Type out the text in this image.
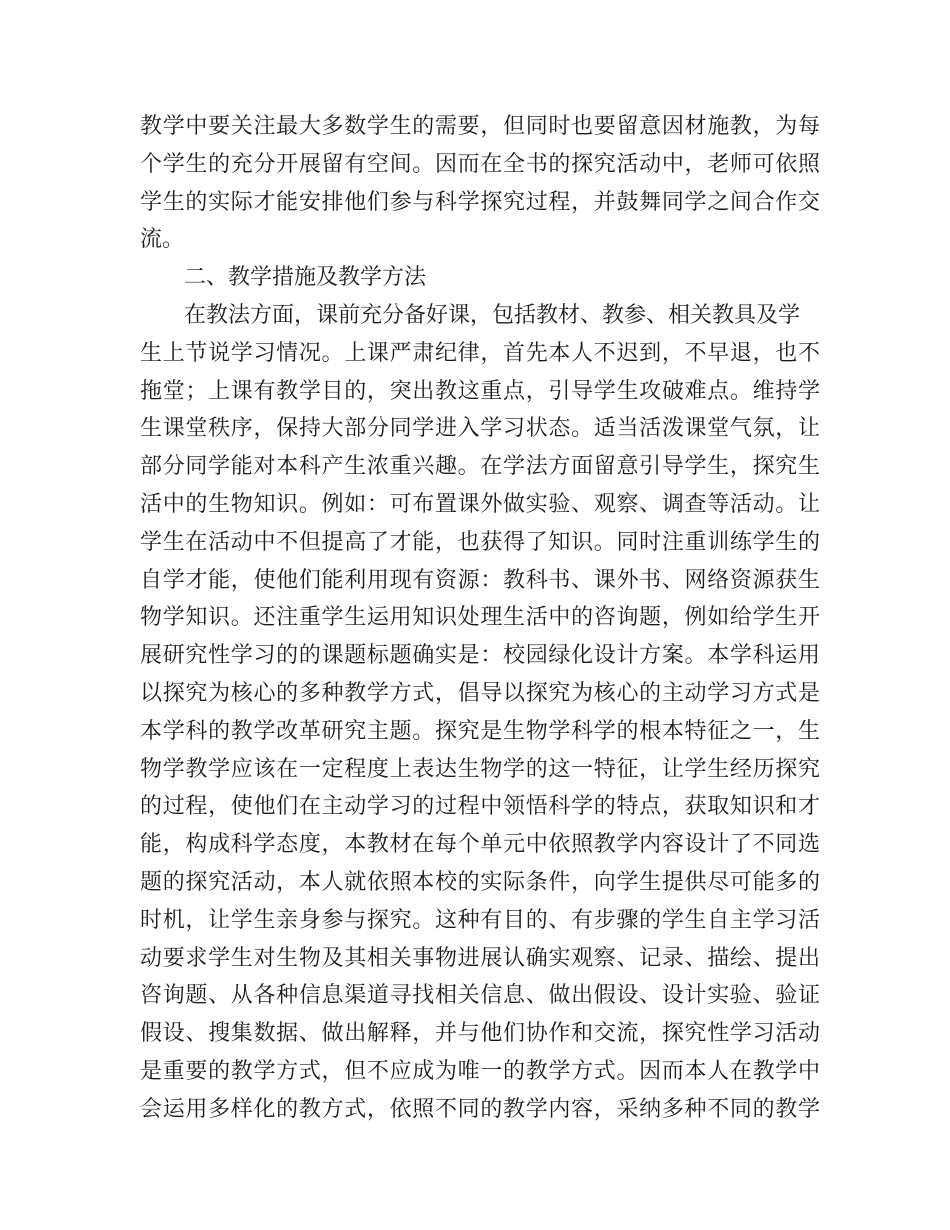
教学中要关注最大多数学生的需要，但同时也要留意因材施教，为每
个学生的充分开展留有空间。因而在全书的探究活动中，老师可依照
学生的实际才能安排他们参与科学探究过程，并鼓舞同学之间合作交
流。
二、教学措施及教学方法
在教法方面，课前充分备好课，包括教材、教参、相关教具及学
生上节说学习情况。上课严肃纪律，首先本人不迟到，不早退，也不
拖堂；上课有教学目的，突出教这重点，引导学生攻破难点。维持学
生课堂秩序，保持大部分同学进入学习状态。适当活泼课堂气氛，让
部分同学能对本科产生浓重兴趣。在学法方面留意引导学生，探究生
活中的生物知识。例如：可布置课外做实验、观察、调查等活动。让
学生在活动中不但提高了才能，也获得了知识。同时注重训练学生的
自学才能，使他们能利用现有资源：教科书、课外书、网络资源获生
物学知识。还注重学生运用知识处理生活中的咨询题，例如给学生开
展研究性学习的的课题标题确实是：校园绿化设计方案。本学科运用
以探究为核心的多种教学方式，倡导以探究为核心的主动学习方式是
本学科的教学改革研究主题。探究是生物学科学的根本特征之一，生
物学教学应该在一定程度上表达生物学的这一特征，让学生经历探究
的过程，使他们在主动学习的过程中领悟科学的特点，获取知识和才
能，构成科学态度，本教材在每个单元中依照教学内容设计了不同选
题的探究活动，本人就依照本校的实际条件，向学生提供尽可能多的
时机，让学生亲身参与探究。这种有目的、有步骤的学生自主学习活
动要求学生对生物及其相关事物进展认确实观察、记录、描绘、提出
咨询题、从各种信息渠道寻找相关信息、做出假设、设计实验、验证
假设、搜集数据、做出解释，并与他们协作和交流，探究性学习活动
是重要的教学方式，但不应成为唯一的教学方式。因而本人在教学中
会运用多样化的教方式，依照不同的教学内容，采纳多种不同的教学
